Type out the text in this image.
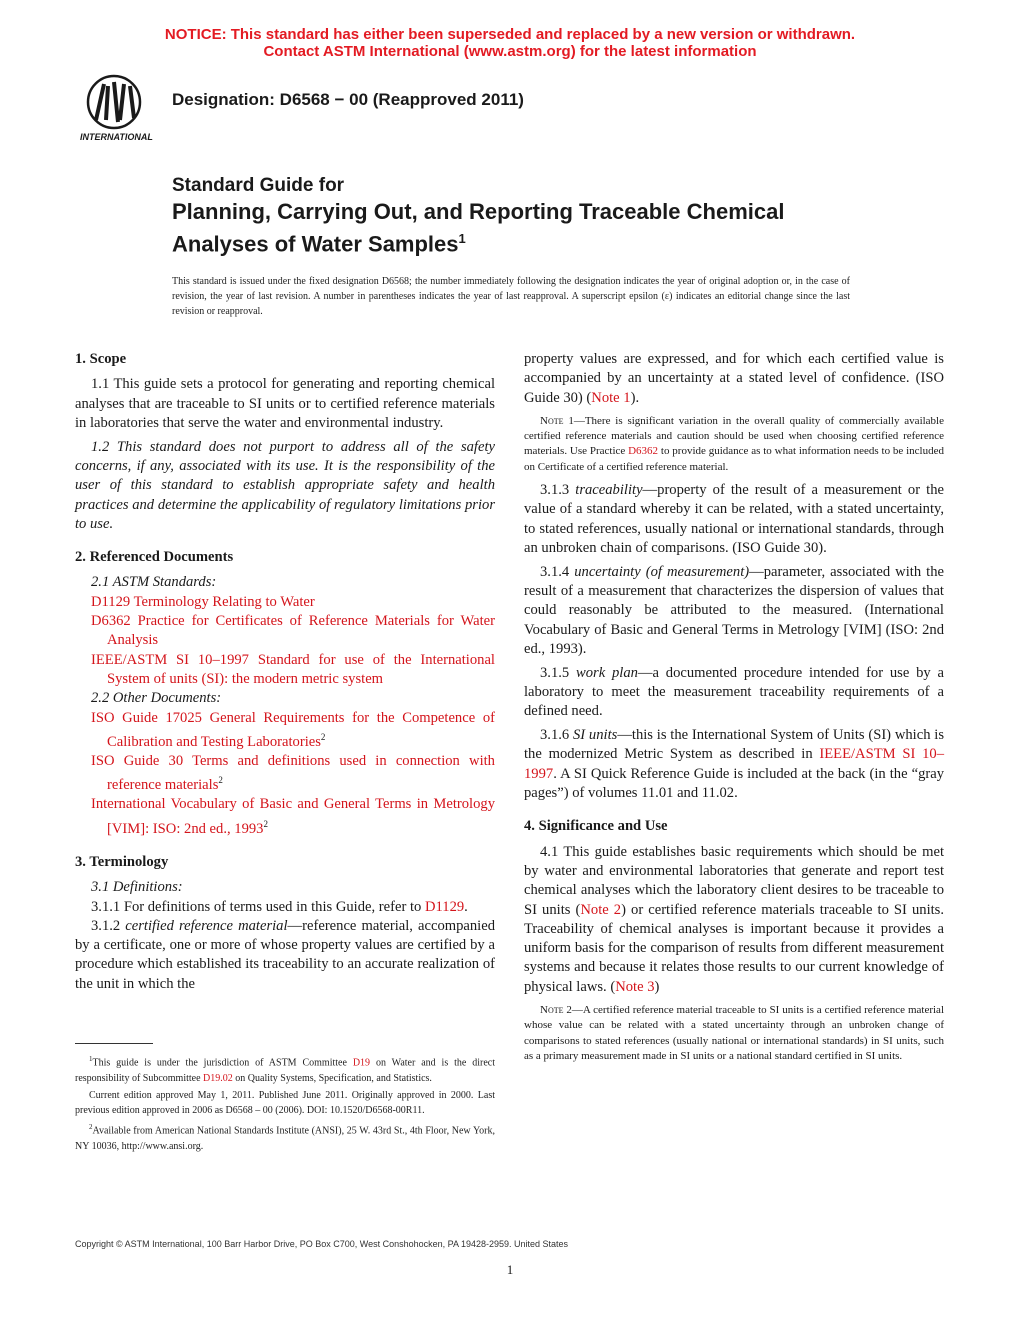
NOTICE: This standard has either been superseded and replaced by a new version or withdrawn.
Contact ASTM International (www.astm.org) for the latest information
INTERNATIONAL
Designation: D6568 − 00 (Reapproved 2011)
Standard Guide for
Planning, Carrying Out, and Reporting Traceable Chemical
Analyses of Water Samples$^1$
This standard is issued under the fixed designation D6568; the number immediately following the designation indicates the year of original adoption or, in the case of revision, the year of last revision. A number in parentheses indicates the year of last reapproval. A superscript epsilon (ε) indicates an editorial change since the last revision or reapproval.
1. Scope

1.1 This guide sets a protocol for generating and reporting chemical analyses that are traceable to SI units or to certified reference materials in laboratories that serve the water and environmental industry.

1.2 This standard does not purport to address all of the safety concerns, if any, associated with its use. It is the responsibility of the user of this standard to establish appropriate safety and health practices and determine the applicability of regulatory limitations prior to use.

2. Referenced Documents

2.1 ASTM Standards:

D1129 Terminology Relating to Water
D6362 Practice for Certificates of Reference Materials for Water Analysis
IEEE/ASTM SI 10–1997 Standard for use of the International System of units (SI): the modern metric system

2.2 Other Documents:

ISO Guide 17025 General Requirements for the Competence of Calibration and Testing Laboratories$^2$
ISO Guide 30 Terms and definitions used in connection with reference materials$^2$
International Vocabulary of Basic and General Terms in Metrology [VIM]: ISO: 2nd ed., 1993$^2$
3. Terminology

3.1 Definitions:

3.1.1 For definitions of terms used in this Guide, refer to D1129.

3.1.2 certified reference material—reference material, accompanied by a certificate, one or more of whose property values are certified by a procedure which established its traceability to an accurate realization of the unit in which the

$^1$This guide is under the jurisdiction of ASTM Committee D19 on Water and is the direct responsibility of Subcommittee D19.02 on Quality Systems, Specification, and Statistics.

Current edition approved May 1, 2011. Published June 2011. Originally approved in 2000. Last previous edition approved in 2006 as D6568 – 00 (2006). DOI: 10.1520/D6568-00R11.

$^2$Available from American National Standards Institute (ANSI), 25 W. 43rd St., 4th Floor, New York, NY 10036, http://www.ansi.org.

property values are expressed, and for which each certified value is accompanied by an uncertainty at a stated level of confidence. (ISO Guide 30) (Note 1).

Note 1—There is significant variation in the overall quality of commercially available certified reference materials and caution should be used when choosing certified reference materials. Use Practice D6362 to provide guidance as to what information needs to be included on Certificate of a certified reference material.

3.1.3 traceability—property of the result of a measurement or the value of a standard whereby it can be related, with a stated uncertainty, to stated references, usually national or international standards, through an unbroken chain of comparisons. (ISO Guide 30).

3.1.4 uncertainty (of measurement)—parameter, associated with the result of a measurement that characterizes the dispersion of values that could reasonably be attributed to the measured. (International Vocabulary of Basic and General Terms in Metrology [VIM] (ISO: 2nd ed., 1993).

3.1.5 work plan—a documented procedure intended for use by a laboratory to meet the measurement traceability requirements of a defined need.

3.1.6 SI units—this is the International System of Units (SI) which is the modernized Metric System as described in IEEE/ASTM SI 10–1997. A SI Quick Reference Guide is included at the back (in the “gray pages”) of volumes 11.01 and 11.02.

4. Significance and Use

4.1 This guide establishes basic requirements which should be met by water and environmental laboratories that generate and report test chemical analyses which the laboratory client desires to be traceable to SI units (Note 2) or certified reference materials traceable to SI units. Traceability of chemical analyses is important because it provides a uniform basis for the comparison of results from different measurement systems and because it relates those results to our current knowledge of physical laws. (Note 3)

Note 2—A certified reference material traceable to SI units is a certified reference material whose value can be related with a stated uncertainty through an unbroken change of comparisons to stated references (usually national or international standards) in SI units, such as a primary measurement made in SI units or a national standard certified in SI units.

Copyright © ASTM International, 100 Barr Harbor Drive, PO Box C700, West Conshohocken, PA 19428-2959. United States
1
